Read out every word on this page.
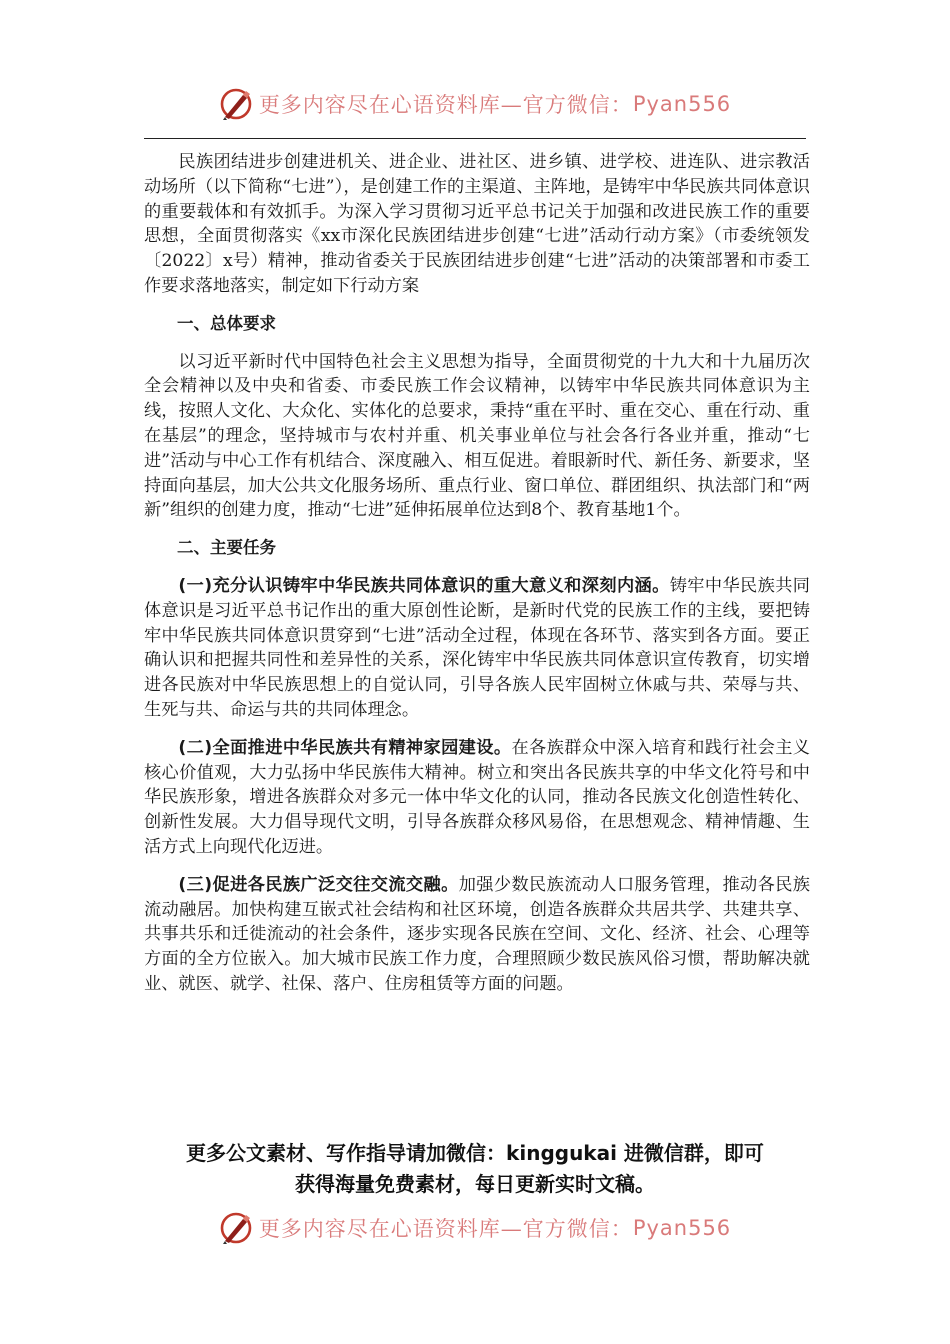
更多内容尽在心语资料库—官方微信： Pyan556

民族团结进步创建进机关、进企业、进社区、进乡镇、进学校、进连队、进宗教活动场所（以下简称“七进”），是创建工作的主渠道、主阵地，是铸牢中华民族共同体意识的重要载体和有效抓手。为深入学习贯彻习近平总书记关于加强和改进民族工作的重要思想，全面贯彻落实《xx市深化民族团结进步创建“七进”活动行动方案》（市委统领发〔2022〕x号）精神，推动省委关于民族团结进步创建“七进”活动的决策部署和市委工作要求落地落实，制定如下行动方案

一、总体要求

以习近平新时代中国特色社会主义思想为指导，全面贯彻党的十九大和十九届历次全会精神以及中央和省委、市委民族工作会议精神，以铸牢中华民族共同体意识为主线，按照人文化、大众化、实体化的总要求，秉持“重在平时、重在交心、重在行动、重在基层”的理念，坚持城市与农村并重、机关事业单位与社会各行各业并重，推动“七进”活动与中心工作有机结合、深度融入、相互促进。着眼新时代、新任务、新要求，坚持面向基层，加大公共文化服务场所、重点行业、窗口单位、群团组织、执法部门和“两新”组织的创建力度，推动“七进”延伸拓展单位达到8个、教育基地1个。

二、主要任务

(一)充分认识铸牢中华民族共同体意识的重大意义和深刻内涵。铸牢中华民族共同体意识是习近平总书记作出的重大原创性论断，是新时代党的民族工作的主线，要把铸牢中华民族共同体意识贯穿到“七进”活动全过程，体现在各环节、落实到各方面。要正确认识和把握共同性和差异性的关系，深化铸牢中华民族共同体意识宣传教育，切实增进各民族对中华民族思想上的自觉认同，引导各族人民牢固树立休戚与共、荣辱与共、生死与共、命运与共的共同体理念。

(二)全面推进中华民族共有精神家园建设。在各族群众中深入培育和践行社会主义核心价值观，大力弘扬中华民族伟大精神。树立和突出各民族共享的中华文化符号和中华民族形象，增进各族群众对多元一体中华文化的认同，推动各民族文化创造性转化、创新性发展。大力倡导现代文明，引导各族群众移风易俗，在思想观念、精神情趣、生活方式上向现代化迈进。

(三)促进各民族广泛交往交流交融。加强少数民族流动人口服务管理，推动各民族流动融居。加快构建互嵌式社会结构和社区环境，创造各族群众共居共学、共建共享、共事共乐和迁徙流动的社会条件，逐步实现各民族在空间、文化、经济、社会、心理等方面的全方位嵌入。加大城市民族工作力度，合理照顾少数民族风俗习惯，帮助解决就业、就医、就学、社保、落户、住房租赁等方面的问题。

更多公文素材、写作指导请加微信：kinggukai 进微信群，即可
获得海量免费素材，每日更新实时文稿。
更多内容尽在心语资料库—官方微信： Pyan556
